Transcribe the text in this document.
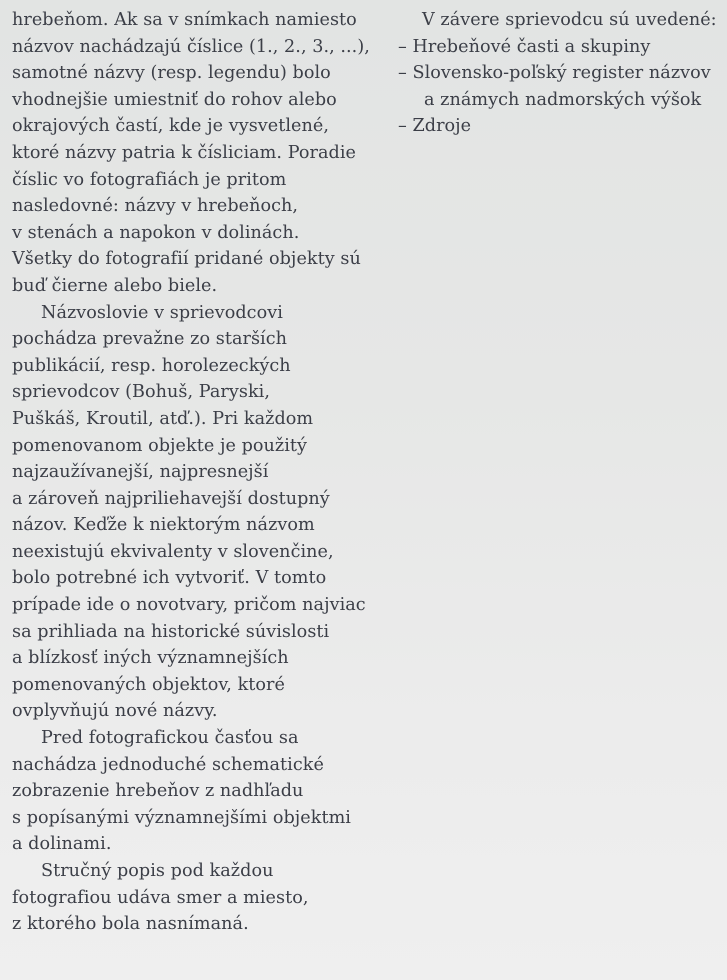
hrebeňom. Ak sa v snímkach namiesto
názvov nachádzajú číslice (1., 2., 3., ...),
samotné názvy (resp. legendu) bolo
vhodnejšie umiestniť do rohov alebo
okrajových častí, kde je vysvetlené,
ktoré názvy patria k čísliciam. Poradie
číslic vo fotografiách je pritom
nasledovné: názvy v hrebeňoch,
v stenách a napokon v dolinách.
Všetky do fotografií pridané objekty sú
buď čierne alebo biele.
Názvoslovie v sprievodcovi
pochádza prevažne zo starších
publikácií, resp. horolezeckých
sprievodcov (Bohuš, Paryski,
Puškáš, Kroutil, atď.). Pri každom
pomenovanom objekte je použitý
najzaužívanejší, najpresnejší
a zároveň najpriliehavejší dostupný
názov. Keďže k niektorým názvom
neexistujú ekvivalenty v slovenčine,
bolo potrebné ich vytvoriť. V tomto
prípade ide o novotvary, pričom najviac
sa prihliada na historické súvislosti
a blízkosť iných významnejších
pomenovaných objektov, ktoré
ovplyvňujú nové názvy.
Pred fotografickou časťou sa
nachádza jednoduché schematické
zobrazenie hrebeňov z nadhľadu
s popísanými významnejšími objektmi
a dolinami.
Stručný popis pod každou
fotografiou udáva smer a miesto,
z ktorého bola nasnímaná.
V závere sprievodcu sú uvedené:
– Hrebeňové časti a skupiny
– Slovensko-poľský register názvov
a známych nadmorských výšok
– Zdroje
